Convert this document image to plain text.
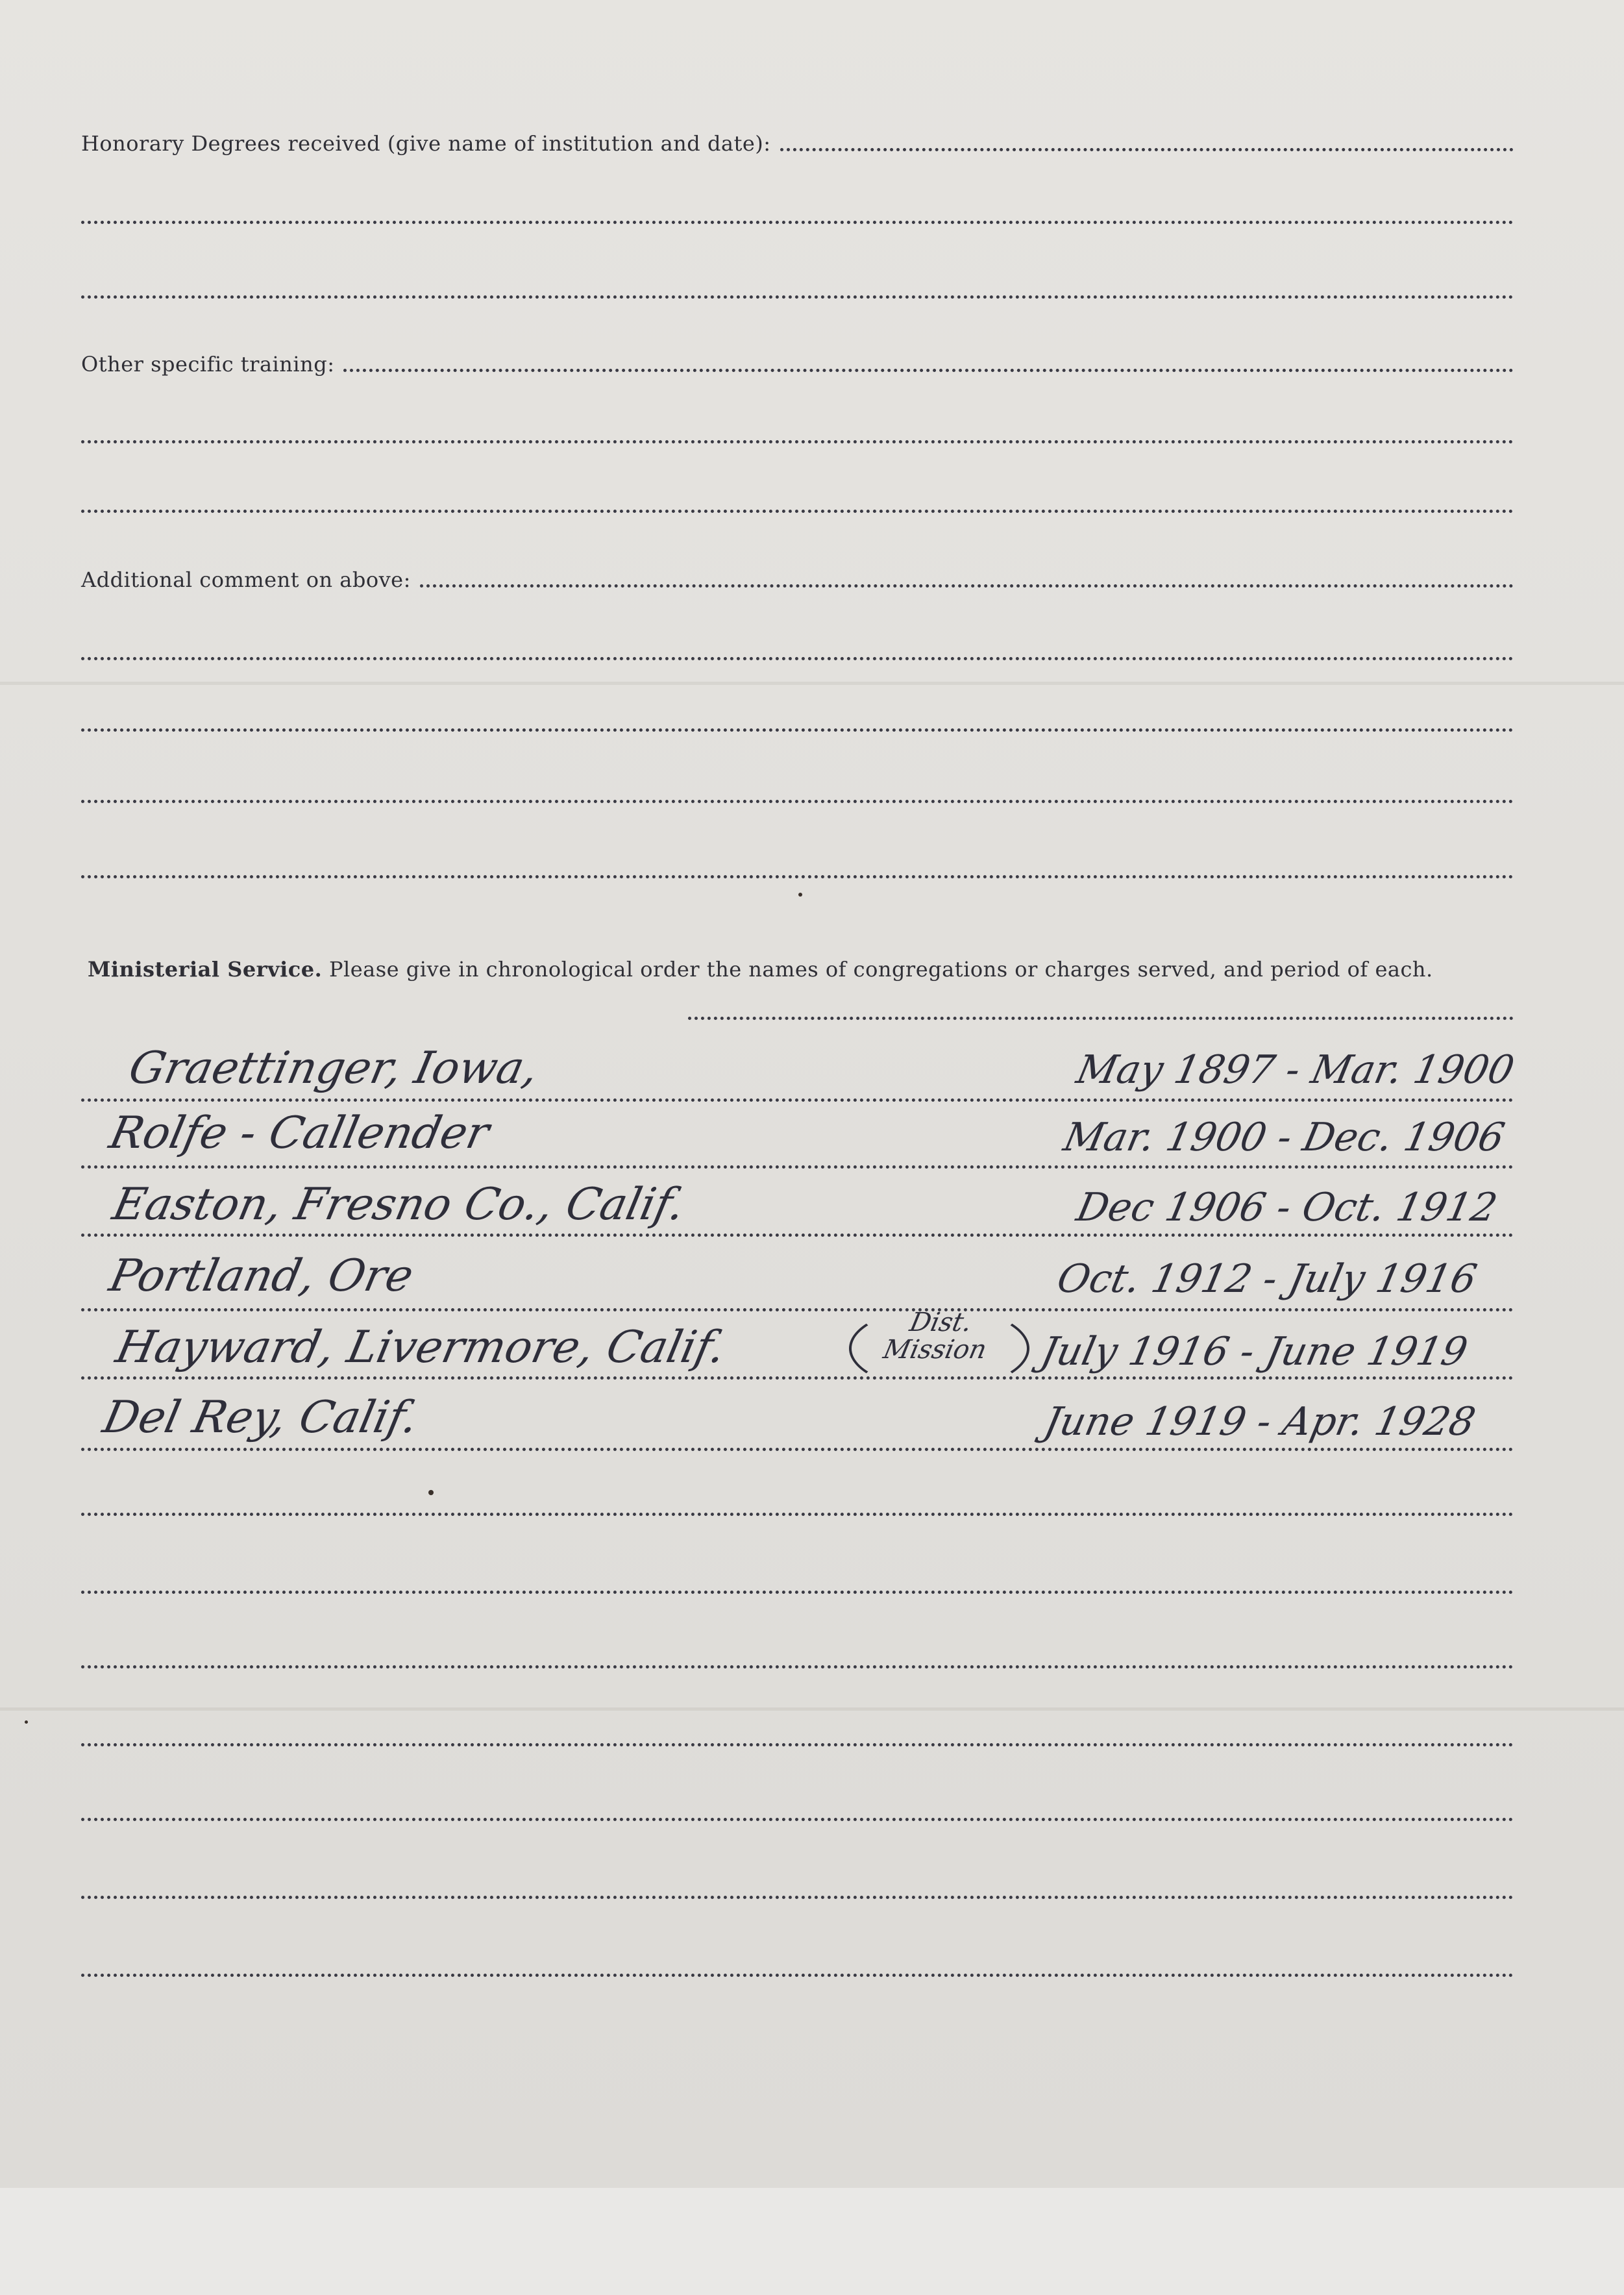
Honorary Degrees received (give name of institution and date):
Other specific training:
Additional comment on above:
Ministerial Service. Please give in chronological order the names of congregations or charges served, and period of each.
Graettinger, Iowa,
Rolfe - Callender
Easton, Fresno Co., Calif.
Portland, Ore
Hayward, Livermore, Calif.	Dist. Mission
Del Rey, Calif.
May 1897 - Mar. 1900
Mar. 1900 - Dec. 1906
Dec 1906 - Oct. 1912
Oct. 1912 - July 1916
July 1916 - June 1919
June 1919 - Apr. 1928
